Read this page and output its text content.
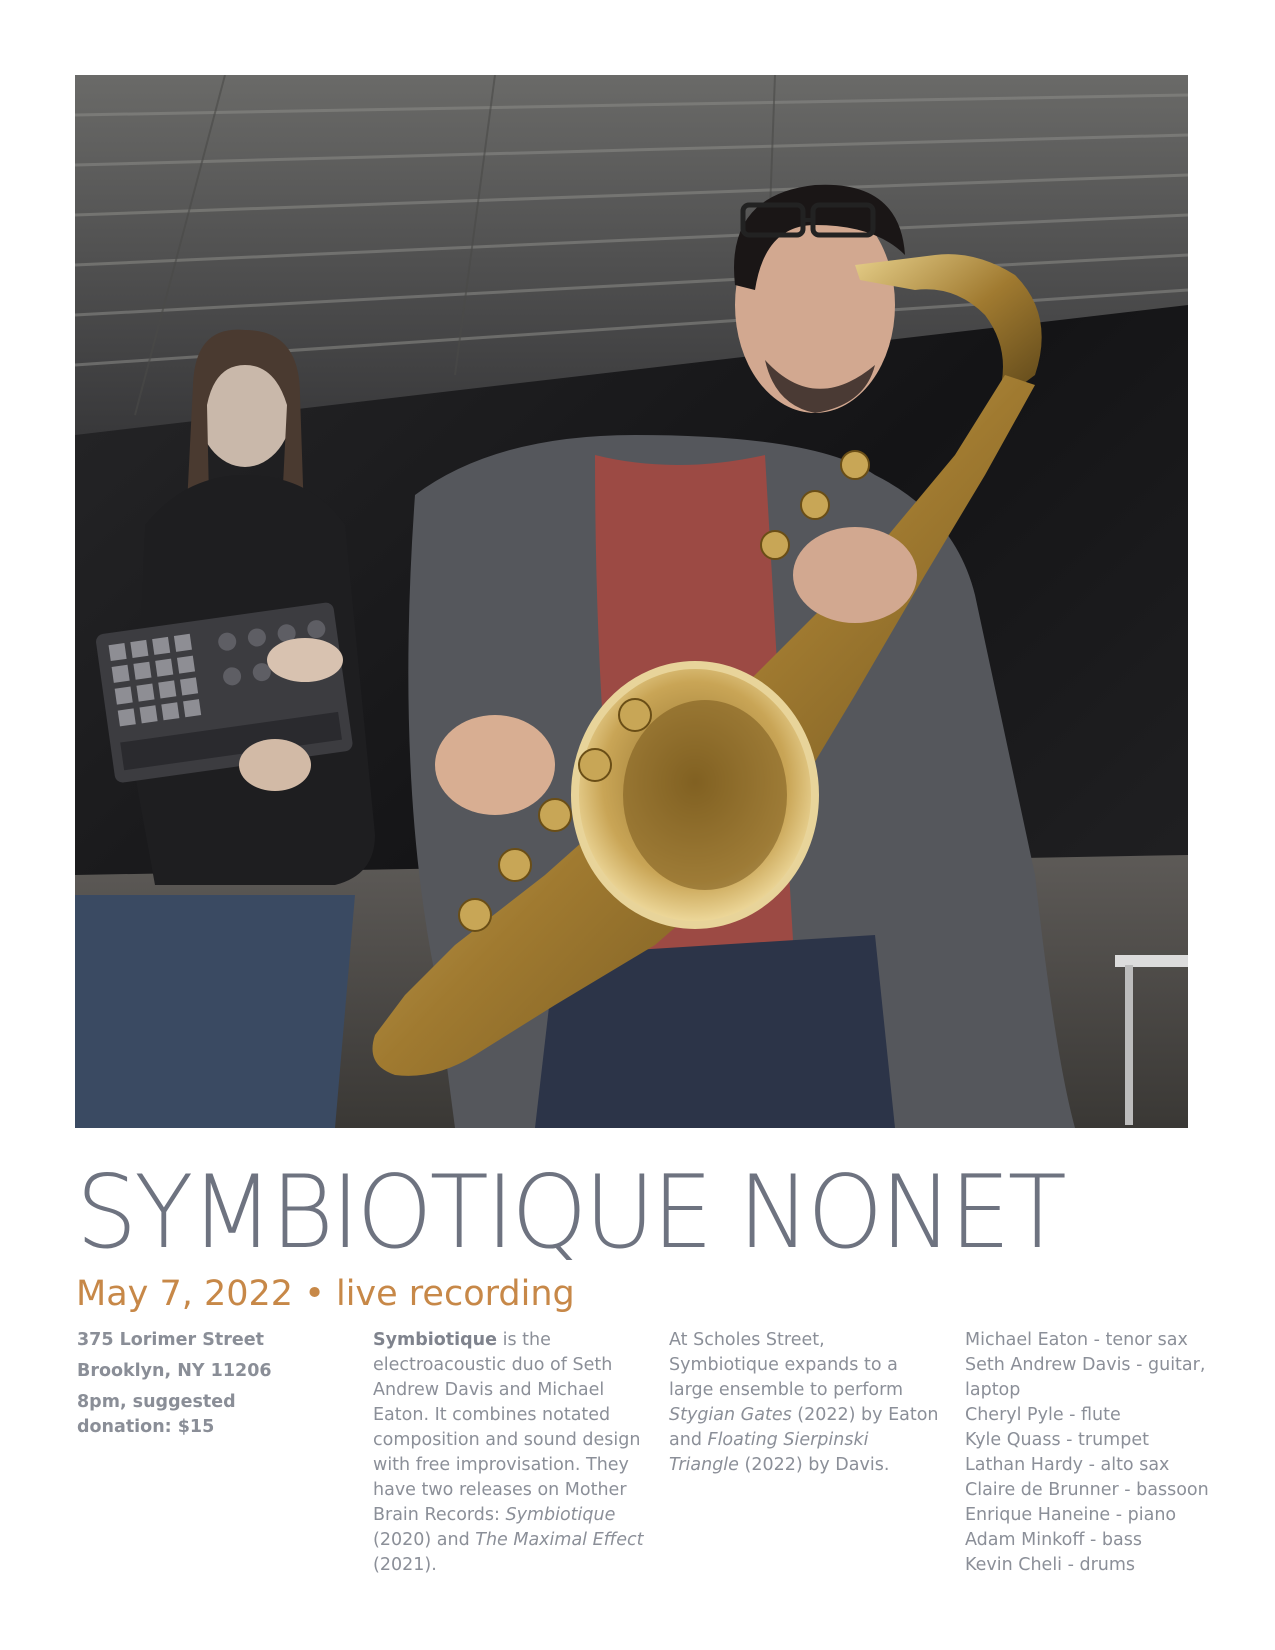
SYMBIOTIQUE NONET
May 7, 2022 • live recording
375 Lorimer Street
Brooklyn, NY 11206
8pm, suggested donation: $15
Symbiotique is the electroacoustic duo of Seth Andrew Davis and Michael Eaton. It combines notated composition and sound design with free improvisation. They have two releases on Mother Brain Records: Symbiotique (2020) and The Maximal Effect (2021).
At Scholes Street, Symbiotique expands to a large ensemble to perform Stygian Gates (2022) by Eaton and Floating Sierpinski Triangle (2022) by Davis.
Michael Eaton - tenor sax
Seth Andrew Davis - guitar, laptop
Cheryl Pyle - flute
Kyle Quass - trumpet
Lathan Hardy - alto sax
Claire de Brunner - bassoon
Enrique Haneine - piano
Adam Minkoff - bass
Kevin Cheli - drums
